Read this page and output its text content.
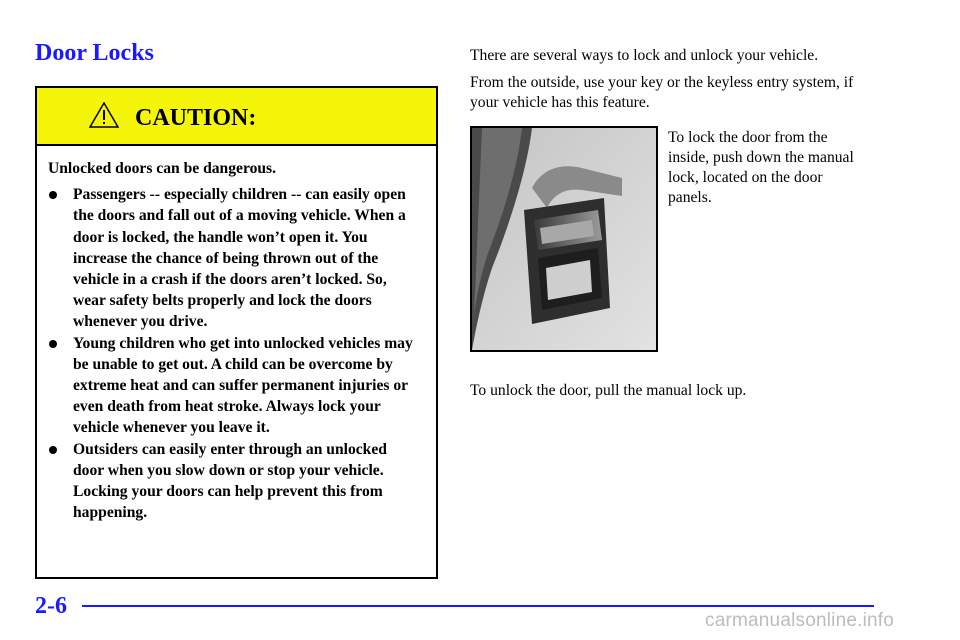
Door Locks
CAUTION:

Unlocked doors can be dangerous.

Passengers -- especially children -- can easily open the doors and fall out of a moving vehicle. When a door is locked, the handle won’t open it. You increase the chance of being thrown out of the vehicle in a crash if the doors aren’t locked. So, wear safety belts properly and lock the doors whenever you drive.
Young children who get into unlocked vehicles may be unable to get out. A child can be overcome by extreme heat and can suffer permanent injuries or even death from heat stroke. Always lock your vehicle whenever you leave it.
Outsiders can easily enter through an unlocked door when you slow down or stop your vehicle. Locking your doors can help prevent this from happening.
There are several ways to lock and unlock your vehicle.
From the outside, use your key or the keyless entry system, if your vehicle has this feature.
To lock the door from the inside, push down the manual lock, located on the door panels.
To unlock the door, pull the manual lock up.
2-6
carmanualsonline.info
